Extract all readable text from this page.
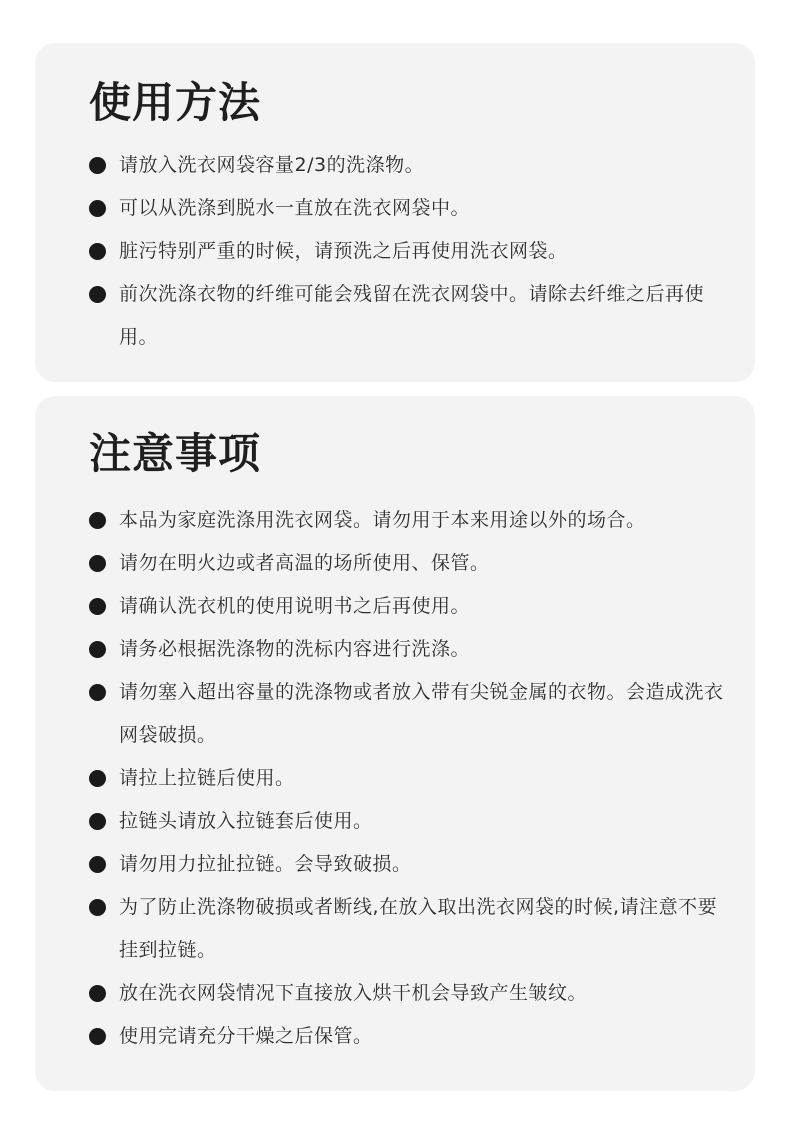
使用方法
请放入洗衣网袋容量2/3的洗涤物。
可以从洗涤到脱水一直放在洗衣网袋中。
脏污特别严重的时候，请预洗之后再使用洗衣网袋。
前次洗涤衣物的纤维可能会残留在洗衣网袋中。请除去纤维之后再使用。
注意事项
本品为家庭洗涤用洗衣网袋。请勿用于本来用途以外的场合。
请勿在明火边或者高温的场所使用、保管。
请确认洗衣机的使用说明书之后再使用。
请务必根据洗涤物的洗标内容进行洗涤。
请勿塞入超出容量的洗涤物或者放入带有尖锐金属的衣物。会造成洗衣网袋破损。
请拉上拉链后使用。
拉链头请放入拉链套后使用。
请勿用力拉扯拉链。会导致破损。
为了防止洗涤物破损或者断线,在放入取出洗衣网袋的时候,请注意不要挂到拉链。
放在洗衣网袋情况下直接放入烘干机会导致产生皱纹。
使用完请充分干燥之后保管。
